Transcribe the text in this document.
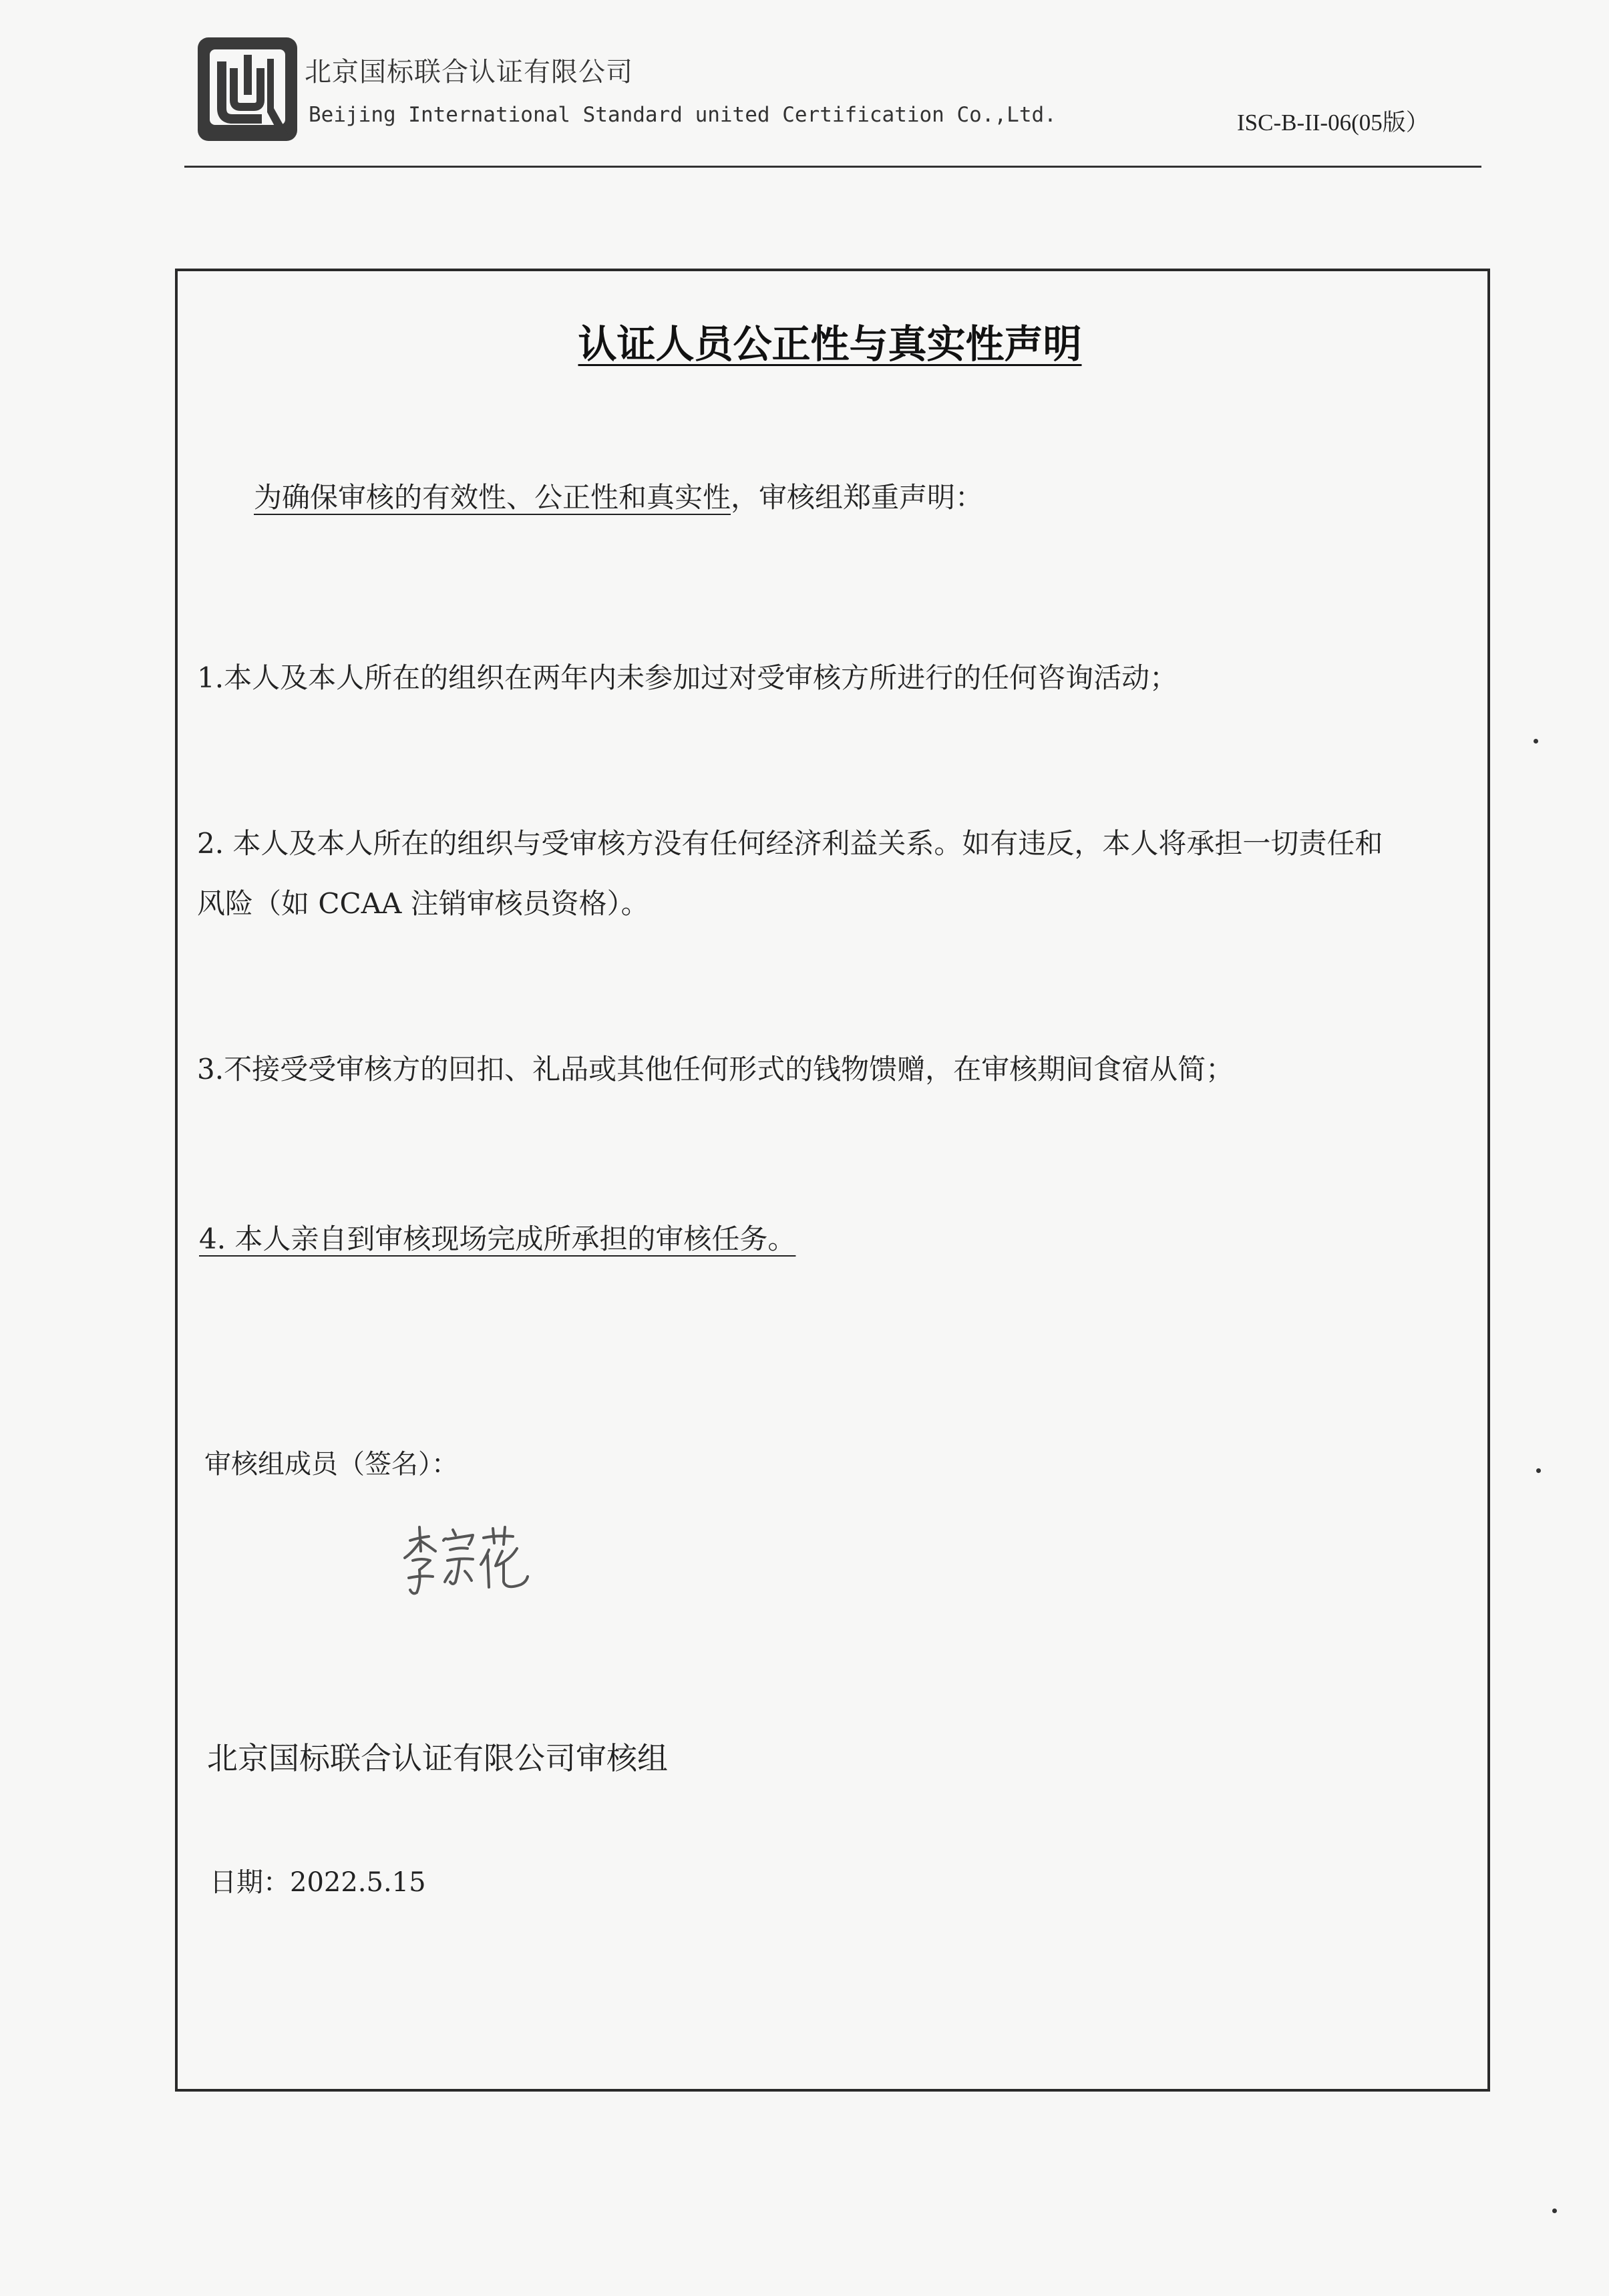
北京国标联合认证有限公司
Beijing International Standard united Certification Co.,Ltd.	ISC-B-II-06(05版）
认证人员公正性与真实性声明
为确保审核的有效性、公正性和真实性，审核组郑重声明：
1.本人及本人所在的组织在两年内未参加过对受审核方所进行的任何咨询活动；
2. 本人及本人所在的组织与受审核方没有任何经济利益关系。如有违反，本人将承担一切责任和
风险（如 CCAA 注销审核员资格）。
3.不接受受审核方的回扣、礼品或其他任何形式的钱物馈赠，在审核期间食宿从简；
4. 本人亲自到审核现场完成所承担的审核任务。
审核组成员（签名）：
北京国标联合认证有限公司审核组
日期：2022.5.15
